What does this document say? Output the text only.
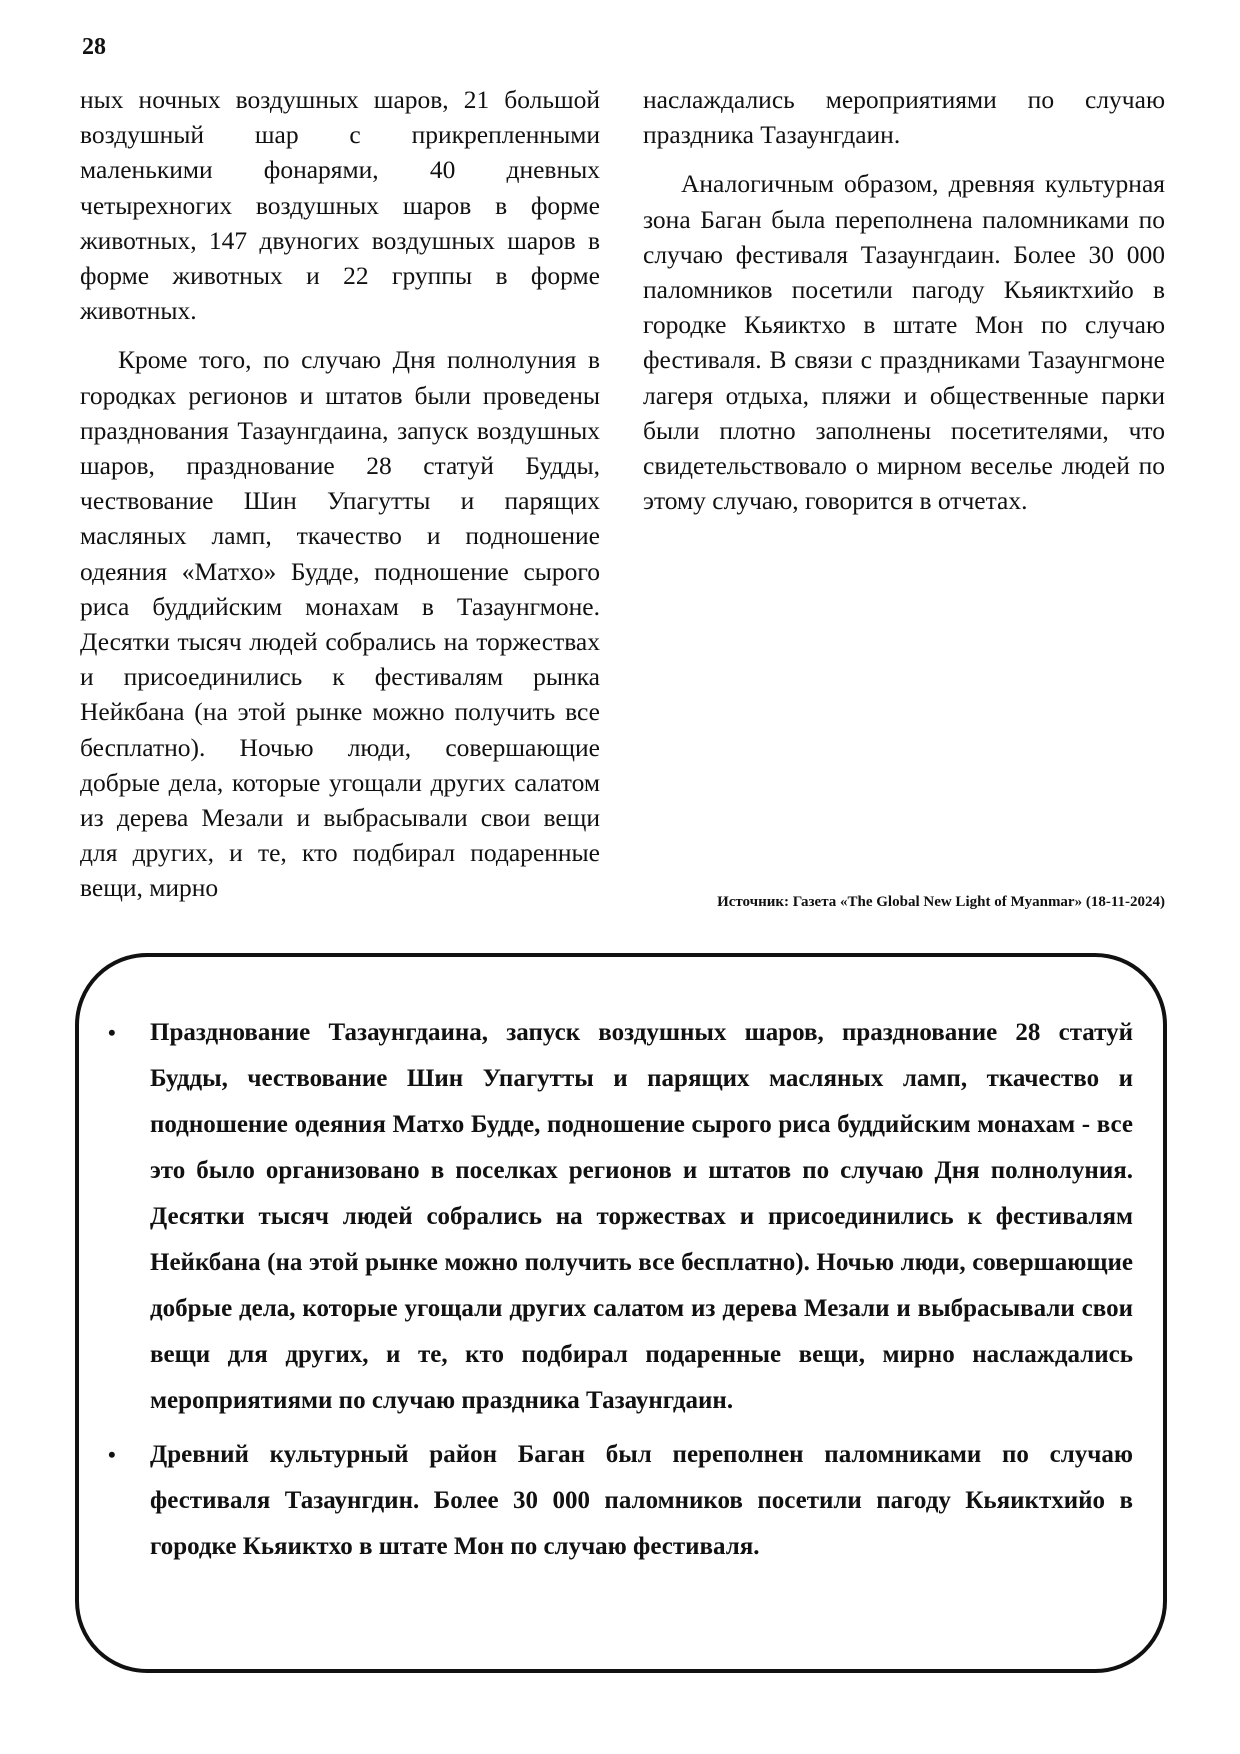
28

ных ночных воздушных шаров, 21 большой воздушный шар с прикрепленными маленькими фонарями, 40 дневных четырехногих воздушных шаров в форме животных, 147 двуногих воздушных шаров в форме животных и 22 группы в форме животных.

Кроме того, по случаю Дня полнолуния в городках регионов и штатов были проведены празднования Тазаунгдаина, запуск воздушных шаров, празднование 28 статуй Будды, чествование Шин Упагутты и парящих масляных ламп, ткачество и подношение одеяния «Матхо» Будде, подношение сырого риса буддийским монахам в Тазаунгмоне. Десятки тысяч людей собрались на торжествах и присоединились к фестивалям рынка Нейкбана (на этой рынке можно получить все бесплатно). Ночью люди, совершающие добрые дела, которые угощали других салатом из дерева Мезали и выбрасывали свои вещи для других, и те, кто подбирал подаренные вещи, мирно

наслаждались мероприятиями по случаю праздника Тазаунгдаин.

Аналогичным образом, древняя культурная зона Баган была переполнена паломниками по случаю фестиваля Тазаунгдаин. Более 30 000 паломников посетили пагоду Кьяиктхийо в городке Кьяиктхо в штате Мон по случаю фестиваля. В связи с праздниками Тазаунгмоне лагеря отдыха, пляжи и общественные парки были плотно заполнены посетителями, что свидетельствовало о мирном веселье людей по этому случаю, говорится в отчетах.

Источник: Газета «The Global New Light of Myanmar» (18-11-2024)
• Празднование Тазаунгдаина, запуск воздушных шаров, празднование 28 статуй Будды, чествование Шин Упагутты и парящих масляных ламп, ткачество и подношение одеяния Матхо Будде, подношение сырого риса буддийским монахам - все это было организовано в поселках регионов и штатов по случаю Дня полнолуния. Десятки тысяч людей собрались на торжествах и присоединились к фестивалям Нейкбана (на этой рынке можно получить все бесплатно). Ночью люди, совершающие добрые дела, которые угощали других салатом из дерева Мезали и выбрасывали свои вещи для других, и те, кто подбирал подаренные вещи, мирно наслаждались мероприятиями по случаю праздника Тазаунгдаин.
• Древний культурный район Баган был переполнен паломниками по случаю фестиваля Тазаунгдин. Более 30 000 паломников посетили пагоду Кьяиктхийо в городке Кьяиктхо в штате Мон по случаю фестиваля.
